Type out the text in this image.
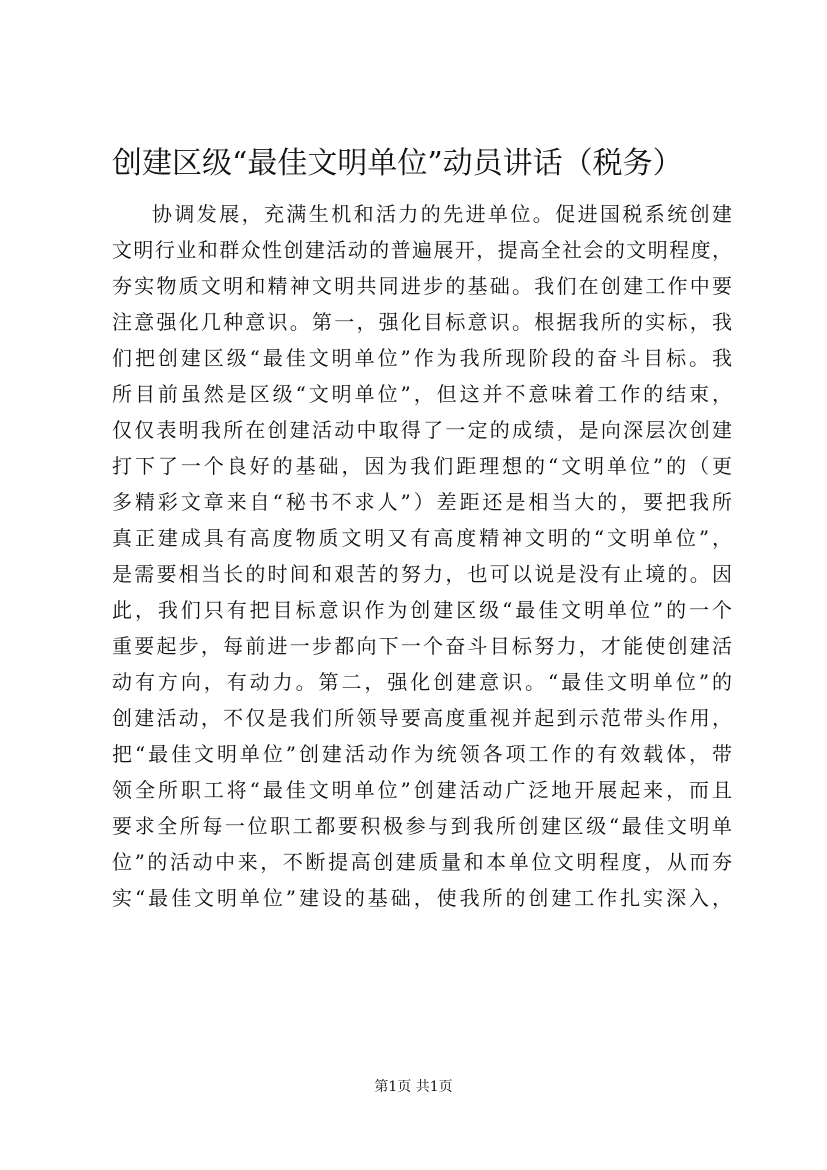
创建区级“最佳文明单位”动员讲话（税务）
协调发展，充满生机和活力的先进单位。促进国税系统创建
文明行业和群众性创建活动的普遍展开，提高全社会的文明程度，
夯实物质文明和精神文明共同进步的基础。我们在创建工作中要
注意强化几种意识。第一，强化目标意识。根据我所的实标，我
们把创建区级“最佳文明单位”作为我所现阶段的奋斗目标。我
所目前虽然是区级“文明单位”，但这并不意味着工作的结束，
仅仅表明我所在创建活动中取得了一定的成绩，是向深层次创建
打下了一个良好的基础，因为我们距理想的“文明单位”的（更
多精彩文章来自“秘书不求人”）差距还是相当大的，要把我所
真正建成具有高度物质文明又有高度精神文明的“文明单位”，
是需要相当长的时间和艰苦的努力，也可以说是没有止境的。因
此，我们只有把目标意识作为创建区级“最佳文明单位”的一个
重要起步，每前进一步都向下一个奋斗目标努力，才能使创建活
动有方向，有动力。第二，强化创建意识。“最佳文明单位”的
创建活动，不仅是我们所领导要高度重视并起到示范带头作用，
把“最佳文明单位”创建活动作为统领各项工作的有效载体，带
领全所职工将“最佳文明单位”创建活动广泛地开展起来，而且
要求全所每一位职工都要积极参与到我所创建区级“最佳文明单
位”的活动中来，不断提高创建质量和本单位文明程度，从而夯
实“最佳文明单位”建设的基础，使我所的创建工作扎实深入，
第1页 共1页
